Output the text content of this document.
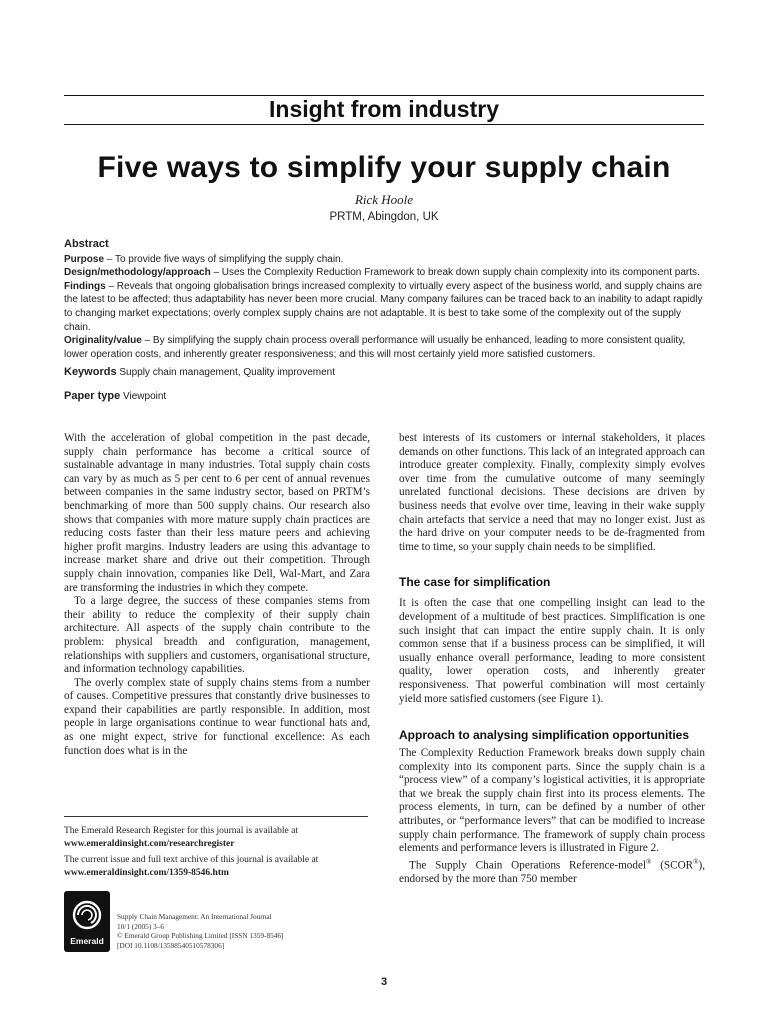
Insight from industry
Five ways to simplify your supply chain
Rick Hoole
PRTM, Abingdon, UK
Abstract

Purpose – To provide five ways of simplifying the supply chain.

Design/methodology/approach – Uses the Complexity Reduction Framework to break down supply chain complexity into its component parts.

Findings – Reveals that ongoing globalisation brings increased complexity to virtually every aspect of the business world, and supply chains are the latest to be affected; thus adaptability has never been more crucial. Many company failures can be traced back to an inability to adapt rapidly to changing market expectations; overly complex supply chains are not adaptable. It is best to take some of the complexity out of the supply chain.

Originality/value – By simplifying the supply chain process overall performance will usually be enhanced, leading to more consistent quality, lower operation costs, and inherently greater responsiveness; and this will most certainly yield more satisfied customers.

Keywords Supply chain management, Quality improvement
Paper type Viewpoint

With the acceleration of global competition in the past decade, supply chain performance has become a critical source of sustainable advantage in many industries. Total supply chain costs can vary by as much as 5 per cent to 6 per cent of annual revenues between companies in the same industry sector, based on PRTM’s benchmarking of more than 500 supply chains. Our research also shows that companies with more mature supply chain practices are reducing costs faster than their less mature peers and achieving higher profit margins. Industry leaders are using this advantage to increase market share and drive out their competition. Through supply chain innovation, companies like Dell, Wal-Mart, and Zara are transforming the industries in which they compete.

To a large degree, the success of these companies stems from their ability to reduce the complexity of their supply chain architecture. All aspects of the supply chain contribute to the problem: physical breadth and configuration, management, relationships with suppliers and customers, organisational structure, and information technology capabilities.

The overly complex state of supply chains stems from a number of causes. Competitive pressures that constantly drive businesses to expand their capabilities are partly responsible. In addition, most people in large organisations continue to wear functional hats and, as one might expect, strive for functional excellence: As each function does what is in the

best interests of its customers or internal stakeholders, it places demands on other functions. This lack of an integrated approach can introduce greater complexity. Finally, complexity simply evolves over time from the cumulative outcome of many seemingly unrelated functional decisions. These decisions are driven by business needs that evolve over time, leaving in their wake supply chain artefacts that service a need that may no longer exist. Just as the hard drive on your computer needs to be de-fragmented from time to time, so your supply chain needs to be simplified.

The case for simplification

It is often the case that one compelling insight can lead to the development of a multitude of best practices. Simplification is one such insight that can impact the entire supply chain. It is only common sense that if a business process can be simplified, it will usually enhance overall performance, leading to more consistent quality, lower operation costs, and inherently greater responsiveness. That powerful combination will most certainly yield more satisfied customers (see Figure 1).

Approach to analysing simplification opportunities

The Complexity Reduction Framework breaks down supply chain complexity into its component parts. Since the supply chain is a “process view” of a company’s logistical activities, it is appropriate that we break the supply chain first into its process elements. The process elements, in turn, can be defined by a number of other attributes, or “performance levers” that can be modified to increase supply chain performance. The framework of supply chain process elements and performance levers is illustrated in Figure 2.

The Supply Chain Operations Reference-model® (SCOR®), endorsed by the more than 750 member

The Emerald Research Register for this journal is available at
www.emeraldinsight.com/researchregister
The current issue and full text archive of this journal is available at
www.emeraldinsight.com/1359-8546.htm
Emerald
Supply Chain Management: An International Journal
10/1 (2005) 3–6
© Emerald Group Publishing Limited [ISSN 1359-8546]
[DOI 10.1108/13598540510578306]
3
